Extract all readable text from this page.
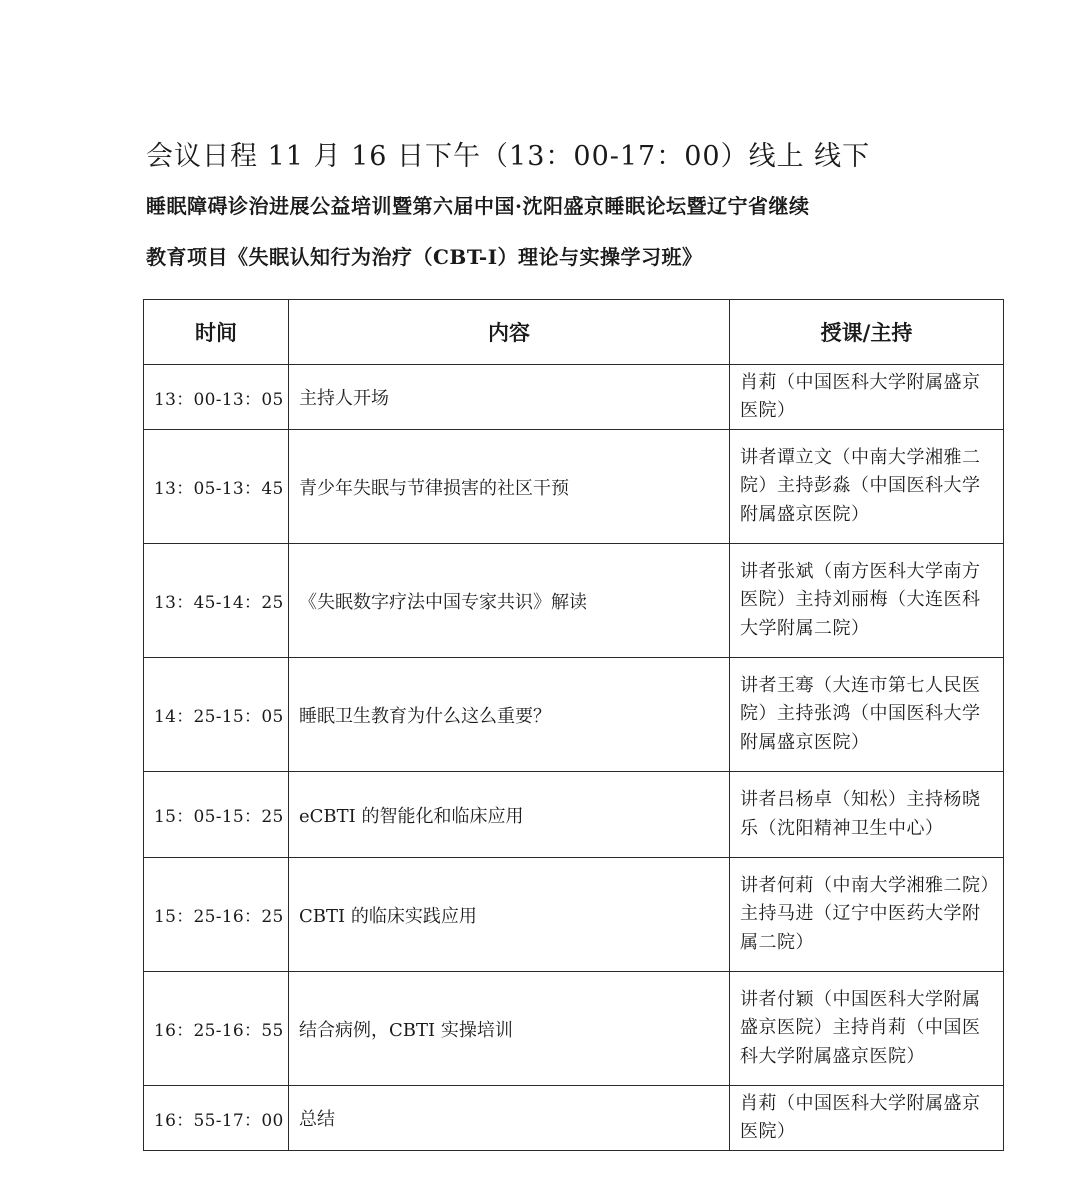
会议日程 11 月 16 日下午（13：00-17：00）线上 线下
睡眠障碍诊治进展公益培训暨第六届中国·沈阳盛京睡眠论坛暨辽宁省继续
教育项目《失眠认知行为治疗（CBT-I）理论与实操学习班》
时间	内容	授课/主持
13：00-13：05	主持人开场	肖莉（中国医科大学附属盛京医院）
13：05-13：45	青少年失眠与节律损害的社区干预	讲者谭立文（中南大学湘雅二院）主持彭淼（中国医科大学附属盛京医院）
13：45-14：25	《失眠数字疗法中国专家共识》解读	讲者张斌（南方医科大学南方医院）主持刘丽梅（大连医科大学附属二院）
14：25-15：05	睡眠卫生教育为什么这么重要？	讲者王骞（大连市第七人民医院）主持张鸿（中国医科大学附属盛京医院）
15：05-15：25	eCBTI 的智能化和临床应用	讲者吕杨卓（知松）主持杨晓乐（沈阳精神卫生中心）
15：25-16：25	CBTI 的临床实践应用	讲者何莉（中南大学湘雅二院）主持马进（辽宁中医药大学附属二院）
16：25-16：55	结合病例，CBTI 实操培训	讲者付颖（中国医科大学附属盛京医院）主持肖莉（中国医科大学附属盛京医院）
16：55-17：00	总结	肖莉（中国医科大学附属盛京医院）
